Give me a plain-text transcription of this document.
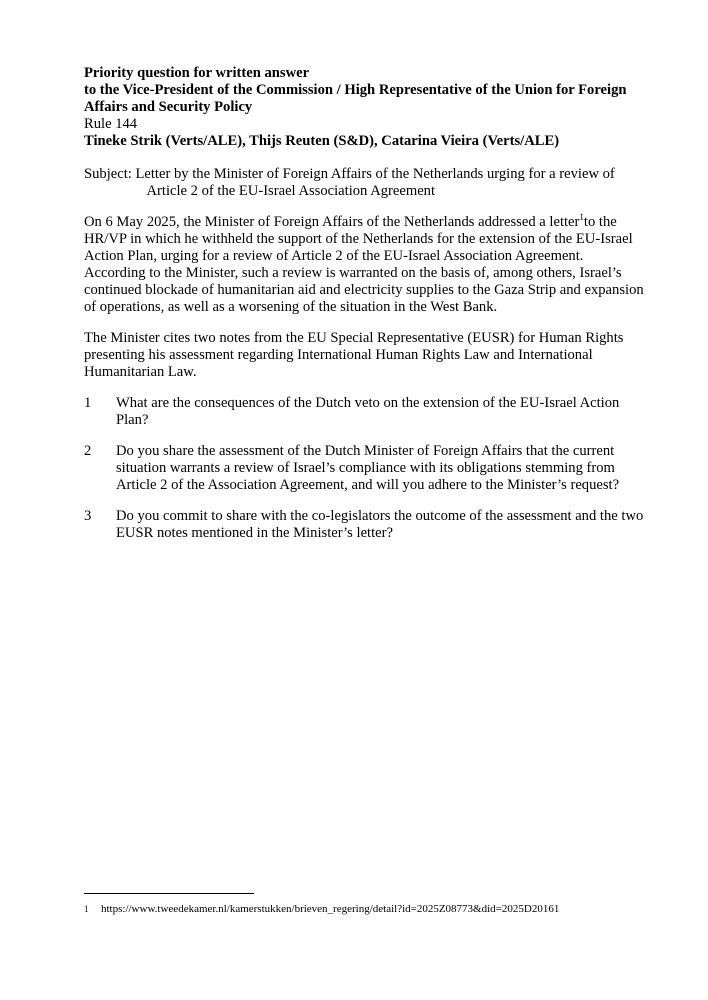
Priority question for written answer
to the Vice-President of the Commission / High Representative of the Union for Foreign
Affairs and Security Policy
Rule 144
Tineke Strik (Verts/ALE), Thijs Reuten (S&D), Catarina Vieira (Verts/ALE)
Subject: Letter by the Minister of Foreign Affairs of the Netherlands urging for a review of
Article 2 of the EU-Israel Association Agreement

On 6 May 2025, the Minister of Foreign Affairs of the Netherlands addressed a letter$^1$to the HR/VP in which he withheld the support of the Netherlands for the extension of the EU-Israel Action Plan, urging for a review of Article 2 of the EU-Israel Association Agreement. According to the Minister, such a review is warranted on the basis of, among others, Israel’s continued blockade of humanitarian aid and electricity supplies to the Gaza Strip and expansion of operations, as well as a worsening of the situation in the West Bank.

The Minister cites two notes from the EU Special Representative (EUSR) for Human Rights presenting his assessment regarding International Human Rights Law and International Humanitarian Law.

1	What are the consequences of the Dutch veto on the extension of the EU-Israel Action Plan?
2	Do you share the assessment of the Dutch Minister of Foreign Affairs that the current situation warrants a review of Israel’s compliance with its obligations stemming from Article 2 of the Association Agreement, and will you adhere to the Minister’s request?
3	Do you commit to share with the co-legislators the outcome of the assessment and the two EUSR notes mentioned in the Minister’s letter?
1	https://www.tweedekamer.nl/kamerstukken/brieven_regering/detail?id=2025Z08773&did=2025D20161
